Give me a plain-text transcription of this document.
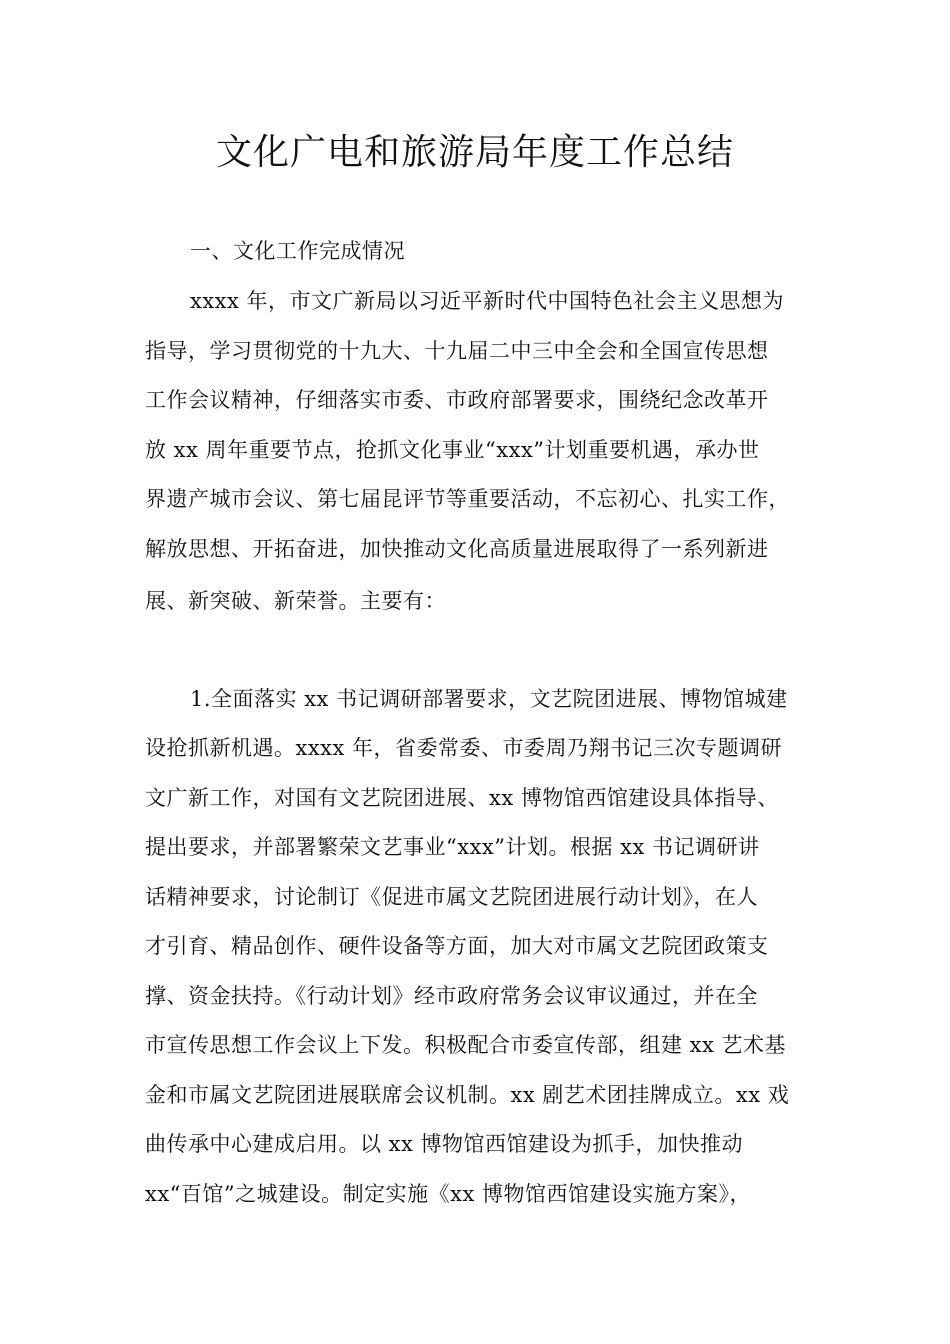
文化广电和旅游局年度工作总结

一、文化工作完成情况

xxxx 年，市文广新局以习近平新时代中国特色社会主义思想为

指导，学习贯彻党的十九大、十九届二中三中全会和全国宣传思想

工作会议精神，仔细落实市委、市政府部署要求，围绕纪念改革开

放 xx 周年重要节点，抢抓文化事业“xxx”计划重要机遇，承办世

界遗产城市会议、第七届昆评节等重要活动，不忘初心、扎实工作，

解放思想、开拓奋进，加快推动文化高质量进展取得了一系列新进

展、新突破、新荣誉。主要有：

1.全面落实 xx 书记调研部署要求，文艺院团进展、博物馆城建

设抢抓新机遇。xxxx 年，省委常委、市委周乃翔书记三次专题调研

文广新工作，对国有文艺院团进展、xx 博物馆西馆建设具体指导、

提出要求，并部署繁荣文艺事业“xxx”计划。根据 xx 书记调研讲

话精神要求，讨论制订《促进市属文艺院团进展行动计划》，在人

才引育、精品创作、硬件设备等方面，加大对市属文艺院团政策支

撑、资金扶持。《行动计划》经市政府常务会议审议通过，并在全

市宣传思想工作会议上下发。积极配合市委宣传部，组建 xx 艺术基

金和市属文艺院团进展联席会议机制。xx 剧艺术团挂牌成立。xx 戏

曲传承中心建成启用。以 xx 博物馆西馆建设为抓手，加快推动

xx“百馆”之城建设。制定实施《xx 博物馆西馆建设实施方案》，
